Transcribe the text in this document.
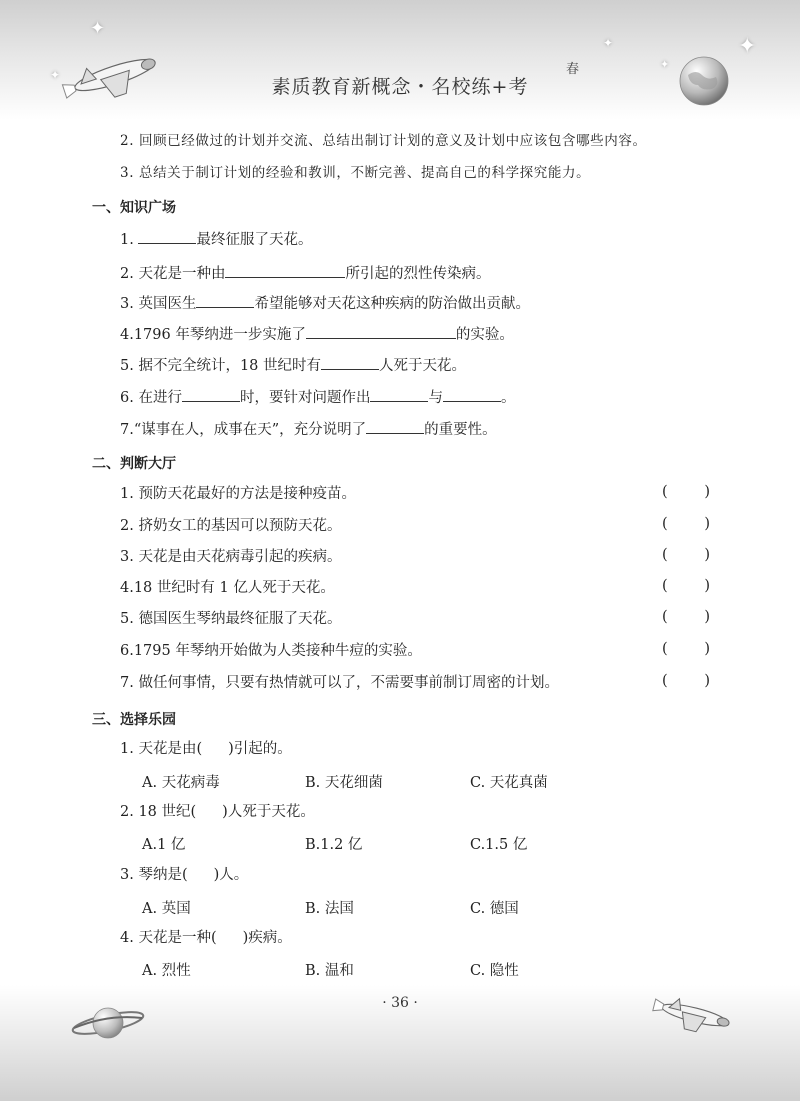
✦
✦
✦
✦
✦
素质教育新概念・名校练+考
春
2. 回顾已经做过的计划并交流、总结出制订计划的意义及计划中应该包含哪些内容。
3. 总结关于制订计划的经验和教训，不断完善、提高自己的科学探究能力。
一、知识广场
1.	最终征服了天花。
2. 天花是一种由	所引起的烈性传染病。
3. 英国医生	希望能够对天花这种疾病的防治做出贡献。
4.1796 年琴纳进一步实施了	的实验。
5. 据不完全统计，18 世纪时有	人死于天花。
6. 在进行	时，要针对问题作出	与	。
7.“谋事在人，成事在天”，充分说明了	的重要性。
二、判断大厅
1. 预防天花最好的方法是接种疫苗。	(	)
2. 挤奶女工的基因可以预防天花。	(	)
3. 天花是由天花病毒引起的疾病。	(	)
4.18 世纪时有 1 亿人死于天花。	(	)
5. 德国医生琴纳最终征服了天花。	(	)
6.1795 年琴纳开始做为人类接种牛痘的实验。	(	)
7. 做任何事情，只要有热情就可以了，不需要事前制订周密的计划。	(	)
三、选择乐园
1. 天花是由( )引起的。
A. 天花病毒	B. 天花细菌	C. 天花真菌
2. 18 世纪( )人死于天花。
A.1 亿	B.1.2 亿	C.1.5 亿
3. 琴纳是( )人。
A. 英国	B. 法国	C. 德国
4. 天花是一种( )疾病。
A. 烈性	B. 温和	C. 隐性
· 36 ·
